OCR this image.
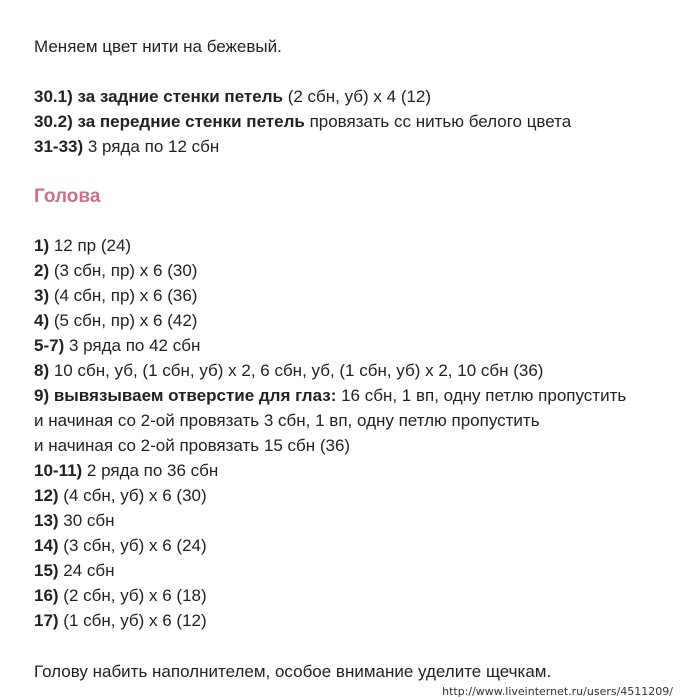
Меняем цвет нити на бежевый.
30.1) за задние стенки петель (2 сбн, уб) х 4 (12)
30.2) за передние стенки петель провязать сс нитью белого цвета
31-33) 3 ряда по 12 сбн
Голова
1) 12 пр (24)
2) (3 сбн, пр) х 6 (30)
3) (4 сбн, пр) х 6 (36)
4) (5 сбн, пр) х 6 (42)
5-7) 3 ряда по 42 сбн
8) 10 сбн, уб, (1 сбн, уб) х 2, 6 сбн, уб, (1 сбн, уб) х 2, 10 сбн (36)
9) вывязываем отверстие для глаз: 16 сбн, 1 вп, одну петлю пропустить
и начиная со 2-ой провязать 3 сбн, 1 вп, одну петлю пропустить
и начиная со 2-ой провязать 15 сбн (36)
10-11) 2 ряда по 36 сбн
12) (4 сбн, уб) х 6 (30)
13) 30 сбн
14) (3 сбн, уб) х 6 (24)
15) 24 сбн
16) (2 сбн, уб) х 6 (18)
17) (1 сбн, уб) х 6 (12)
Голову набить наполнителем, особое внимание уделите щечкам.
http://www.liveinternet.ru/users/4511209/
